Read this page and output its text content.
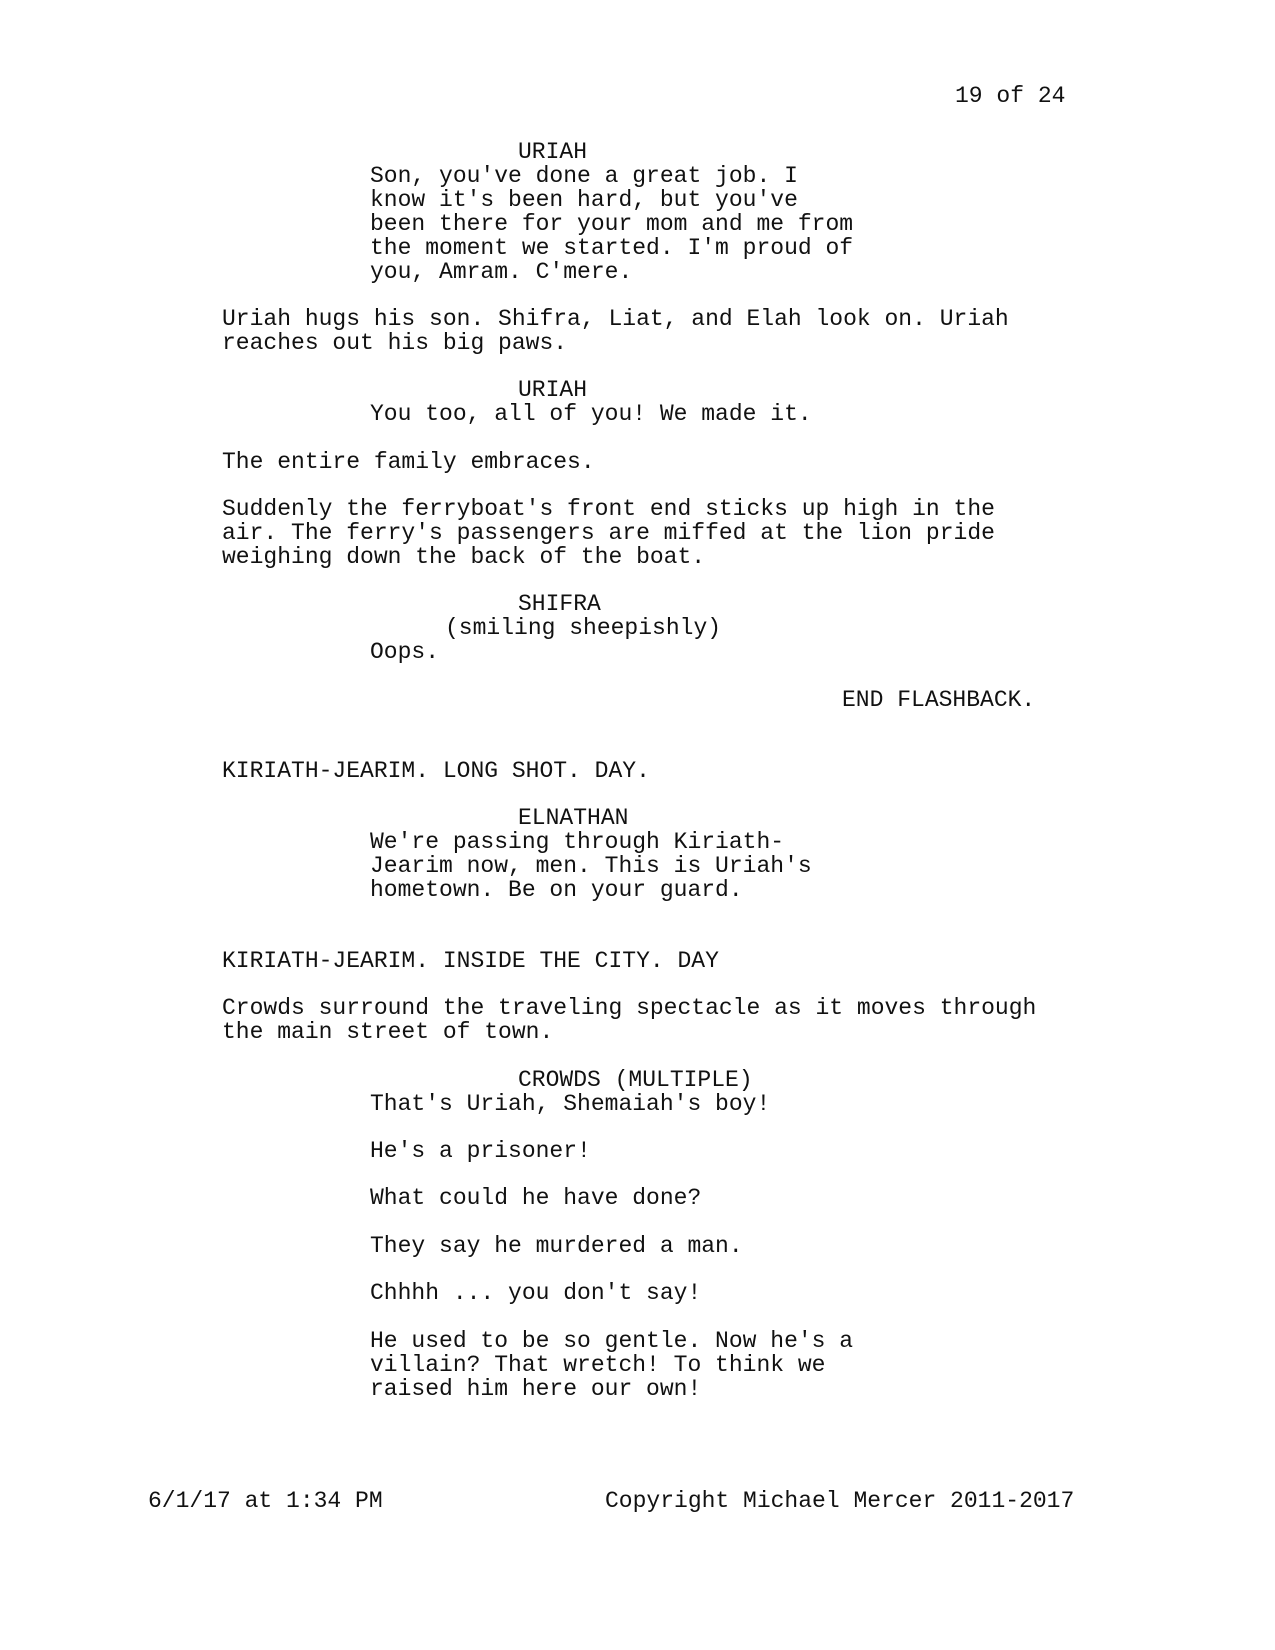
19 of 24
URIAH
Son, you've done a great job. I
know it's been hard, but you've
been there for your mom and me from
the moment we started. I'm proud of
you, Amram. C'mere.
Uriah hugs his son. Shifra, Liat, and Elah look on. Uriah
reaches out his big paws.
URIAH
You too, all of you! We made it.
The entire family embraces.
Suddenly the ferryboat's front end sticks up high in the
air. The ferry's passengers are miffed at the lion pride
weighing down the back of the boat.
SHIFRA
(smiling sheepishly)
Oops.
END FLASHBACK.
KIRIATH-JEARIM. LONG SHOT. DAY.
ELNATHAN
We're passing through Kiriath-
Jearim now, men. This is Uriah's
hometown. Be on your guard.
KIRIATH-JEARIM. INSIDE THE CITY. DAY
Crowds surround the traveling spectacle as it moves through
the main street of town.
CROWDS (MULTIPLE)
That's Uriah, Shemaiah's boy!
He's a prisoner!
What could he have done?
They say he murdered a man.
Chhhh ... you don't say!
He used to be so gentle. Now he's a
villain? That wretch! To think we
raised him here our own!
6/1/17 at 1:34 PM	Copyright Michael Mercer 2011-2017
